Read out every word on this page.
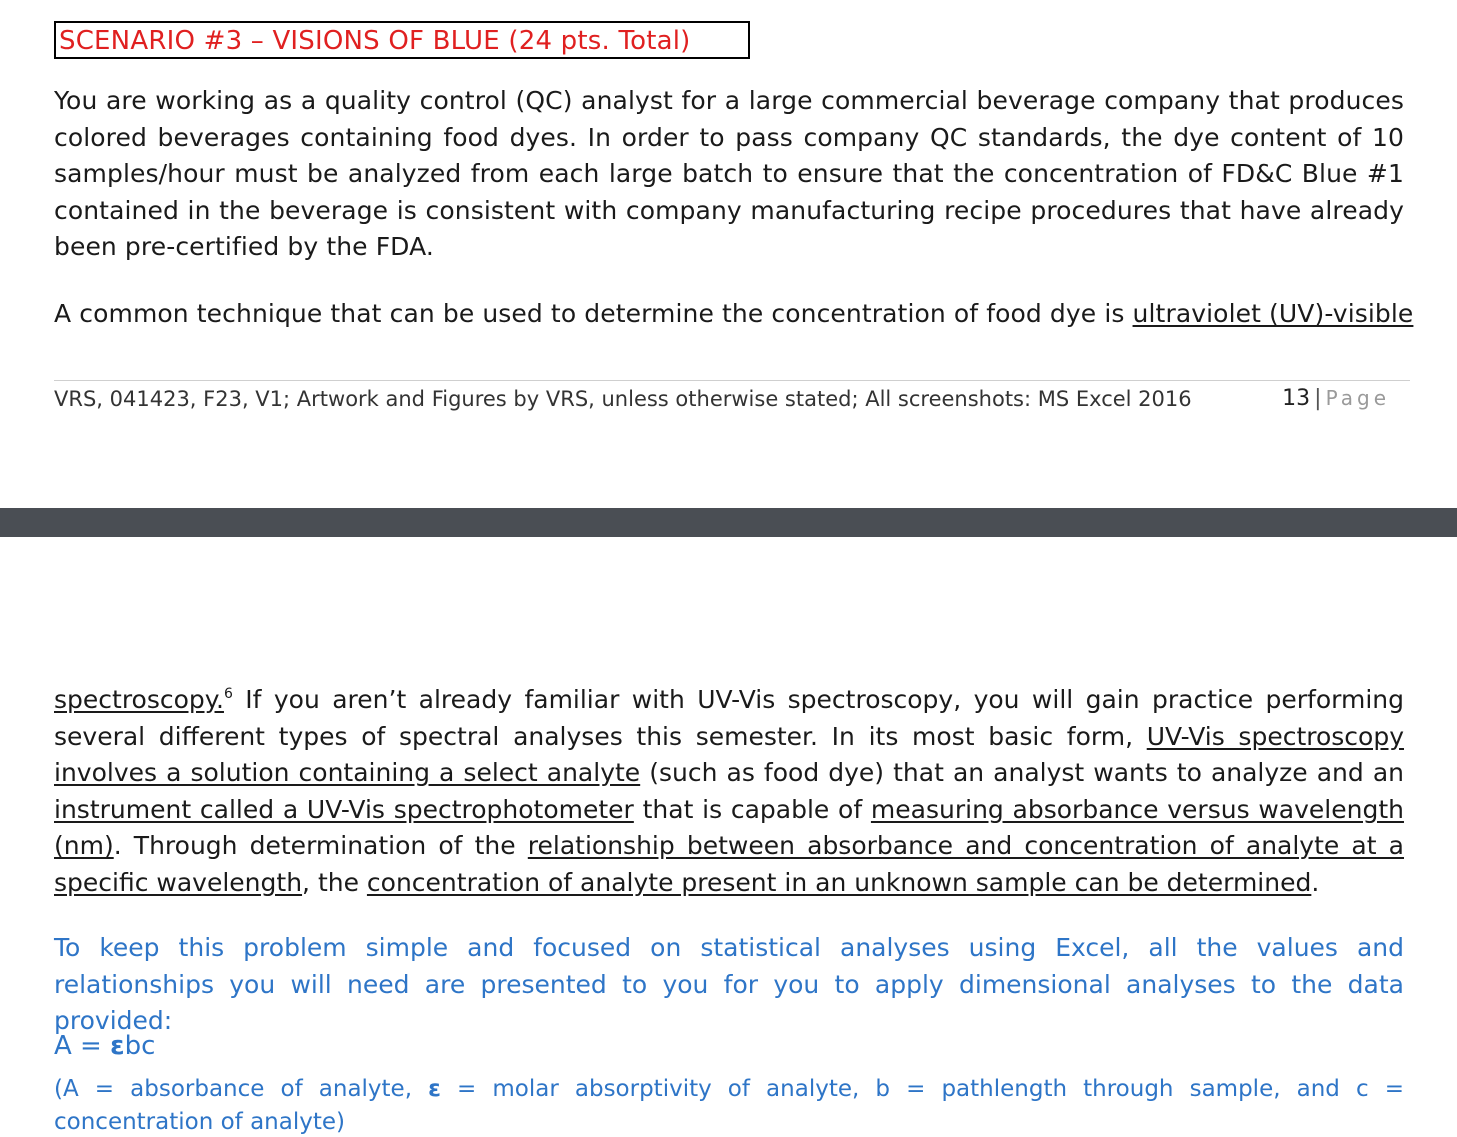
SCENARIO #3 – VISIONS OF BLUE (24 pts. Total)
You are working as a quality control (QC) analyst for a large commercial beverage company that produces colored beverages containing food dyes. In order to pass company QC standards, the dye content of 10 samples/hour must be analyzed from each large batch to ensure that the concentration of FD&C Blue #1 contained in the beverage is consistent with company manufacturing recipe procedures that have already been pre-certified by the FDA.
A common technique that can be used to determine the concentration of food dye is ultraviolet (UV)-visible
VRS, 041423, F23, V1; Artwork and Figures by VRS, unless otherwise stated; All screenshots: MS Excel 2016	13 | Page
spectroscopy.$^6$ If you aren’t already familiar with UV-Vis spectroscopy, you will gain practice performing several different types of spectral analyses this semester. In its most basic form, UV-Vis spectroscopy involves a solution containing a select analyte (such as food dye) that an analyst wants to analyze and an instrument called a UV-Vis spectrophotometer that is capable of measuring absorbance versus wavelength (nm). Through determination of the relationship between absorbance and concentration of analyte at a specific wavelength, the concentration of analyte present in an unknown sample can be determined.
To keep this problem simple and focused on statistical analyses using Excel, all the values and relationships you will need are presented to you for you to apply dimensional analyses to the data provided:
A = εbc
(A = absorbance of analyte, ε = molar absorptivity of analyte, b = pathlength through sample, and c = concentration of analyte)
